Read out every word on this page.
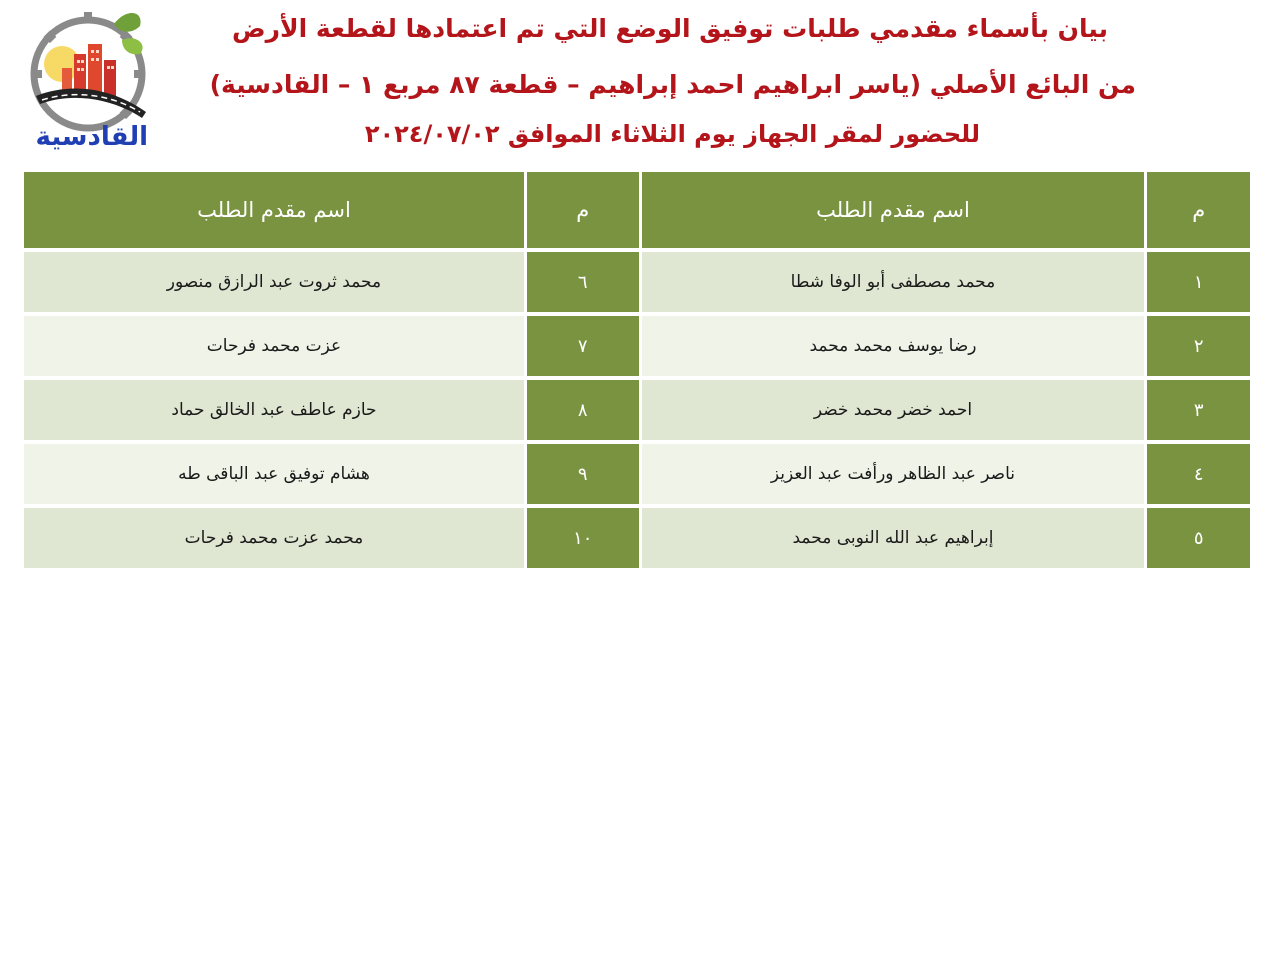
القادسية
بيان بأسماء مقدمي طلبات توفيق الوضع التي تم اعتمادها لقطعة الأرض
من البائع الأصلي (ياسر ابراهيم احمد إبراهيم – قطعة ٨٧ مربع ١ – القادسية)
للحضور لمقر الجهاز يوم الثلاثاء الموافق ٢٠٢٤/٠٧/٠٢
م	اسم مقدم الطلب	م	اسم مقدم الطلب
١	محمد مصطفى أبو الوفا شطا	٦	محمد ثروت عبد الرازق منصور
٢	رضا يوسف محمد محمد	٧	عزت محمد فرحات
٣	احمد خضر محمد خضر	٨	حازم عاطف عبد الخالق حماد
٤	ناصر عبد الظاهر ورأفت عبد العزيز	٩	هشام توفيق عبد الباقى طه
٥	إبراهيم عبد الله النوبى محمد	١٠	محمد عزت محمد فرحات
